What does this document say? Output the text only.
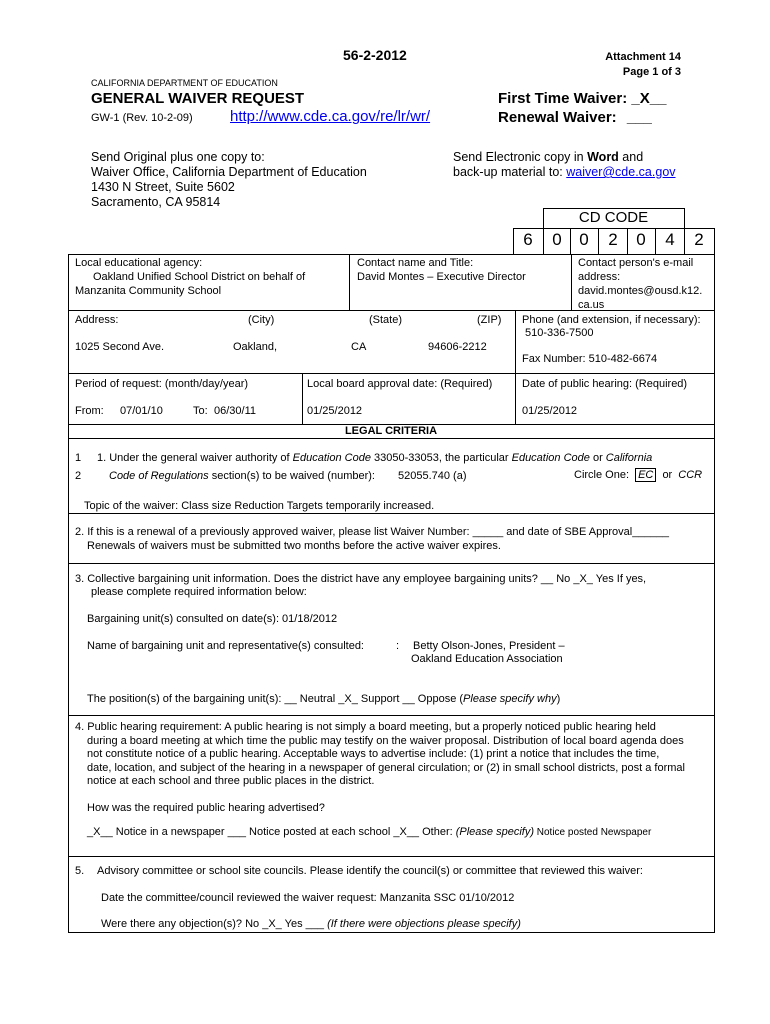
56-2-2012	Attachment 14
Page 1 of 3
CALIFORNIA DEPARTMENT OF EDUCATION
GENERAL WAIVER REQUEST
GW-1 (Rev. 10-2-09) http://www.cde.ca.gov/re/lr/wr/
First Time Waiver: _X__
Renewal Waiver: ___
Send Original plus one copy to:
Waiver Office, California Department of Education
1430 N Street, Suite 5602
Sacramento, CA 95814
Send Electronic copy in Word and
back-up material to: waiver@cde.ca.gov
CD CODE
6	0	0	2	0	4	2
Local educational agency:
Oakland Unified School District on behalf of
Manzanita Community School
Contact name and Title:
David Montes – Executive Director
Contact person's e-mail
address:
david.montes@ousd.k12.
ca.us
Address:	(City)	(State)	(ZIP)
1025 Second Ave.	Oakland,	CA	94606-2212
Phone (and extension, if necessary):
510-336-7500
Fax Number: 510-482-6674
Period of request: (month/day/year)
From: 07/01/10	To: 06/30/11
Local board approval date: (Required)
01/25/2012
Date of public hearing: (Required)
01/25/2012
LEGAL CRITERIA
1
2
1. Under the general waiver authority of Education Code 33050-33053, the particular Education Code or California
Code of Regulations section(s) to be waived (number): 52055.740 (a)	Circle One: EC or CCR
Topic of the waiver: Class size Reduction Targets temporarily increased.
2. If this is a renewal of a previously approved waiver, please list Waiver Number: _____ and date of SBE Approval______
Renewals of waivers must be submitted two months before the active waiver expires.
3. Collective bargaining unit information. Does the district have any employee bargaining units? __ No _X_ Yes If yes,
please complete required information below:
Bargaining unit(s) consulted on date(s): 01/18/2012
Name of bargaining unit and representative(s) consulted:	: Betty Olson-Jones, President –
Oakland Education Association
The position(s) of the bargaining unit(s): __ Neutral _X_ Support __ Oppose (Please specify why)
4. Public hearing requirement: A public hearing is not simply a board meeting, but a properly noticed public hearing held
during a board meeting at which time the public may testify on the waiver proposal. Distribution of local board agenda does
not constitute notice of a public hearing. Acceptable ways to advertise include: (1) print a notice that includes the time,
date, location, and subject of the hearing in a newspaper of general circulation; or (2) in small school districts, post a formal
notice at each school and three public places in the district.
How was the required public hearing advertised?
_X__ Notice in a newspaper ___ Notice posted at each school _X__ Other: (Please specify) Notice posted Newspaper
5. Advisory committee or school site councils. Please identify the council(s) or committee that reviewed this waiver:
Date the committee/council reviewed the waiver request: Manzanita SSC 01/10/2012
Were there any objection(s)? No _X_ Yes ___ (If there were objections please specify)
